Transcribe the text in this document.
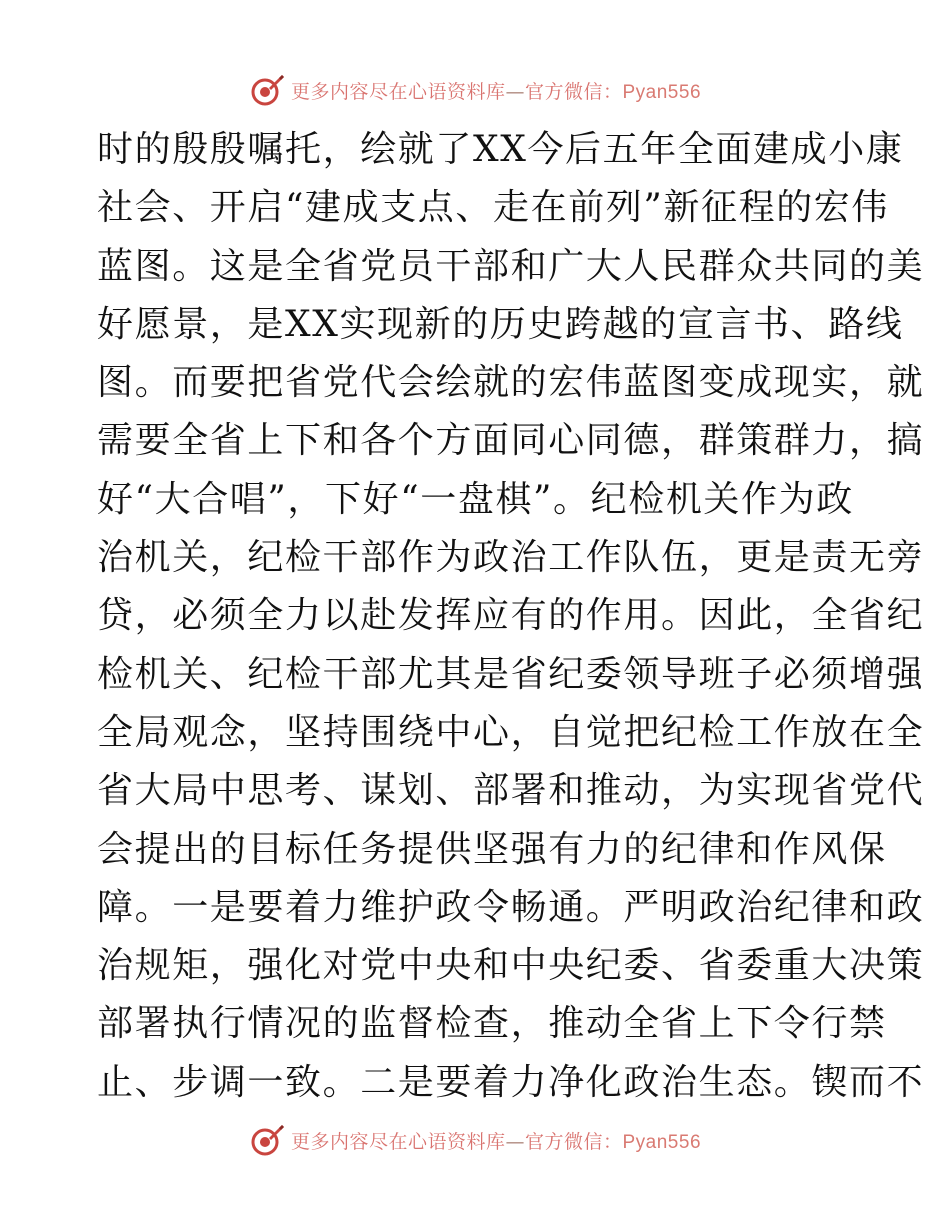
更多内容尽在心语资料库—官方微信：Pyan556
时的殷殷嘱托，绘就了XX今后五年全面建成小康
社会、开启“建成支点、走在前列”新征程的宏伟
蓝图。这是全省党员干部和广大人民群众共同的美
好愿景，是XX实现新的历史跨越的宣言书、路线
图。而要把省党代会绘就的宏伟蓝图变成现实，就
需要全省上下和各个方面同心同德，群策群力，搞
好“大合唱”，下好“一盘棋”。纪检机关作为政
治机关，纪检干部作为政治工作队伍，更是责无旁
贷，必须全力以赴发挥应有的作用。因此，全省纪
检机关、纪检干部尤其是省纪委领导班子必须增强
全局观念，坚持围绕中心，自觉把纪检工作放在全
省大局中思考、谋划、部署和推动，为实现省党代
会提出的目标任务提供坚强有力的纪律和作风保
障。一是要着力维护政令畅通。严明政治纪律和政
治规矩，强化对党中央和中央纪委、省委重大决策
部署执行情况的监督检查，推动全省上下令行禁
止、步调一致。二是要着力净化政治生态。锲而不
更多内容尽在心语资料库—官方微信：Pyan556
